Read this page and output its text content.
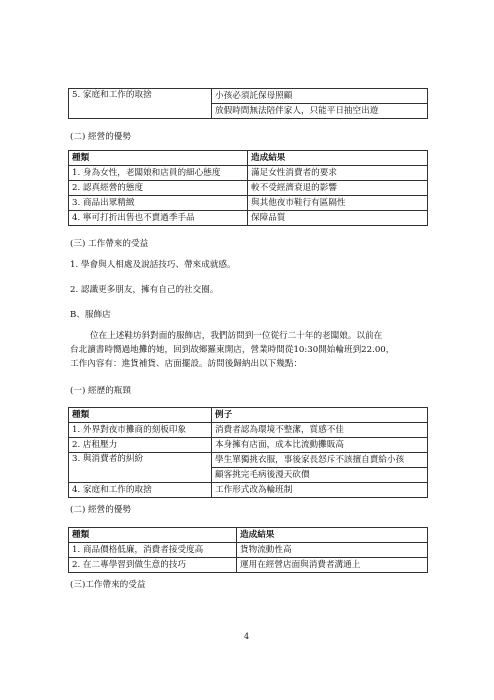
5. 家庭和工作的取捨	小孩必須託保母照顧
放假時間無法陪伴家人，只能平日抽空出遊
(二) 經營的優勢
種類	造成結果
1. 身為女性，老闆娘和店員的細心態度	滿足女性消費者的要求
2. 認真經營的態度	較不受經濟衰退的影響
3. 商品出眾精緻	與其他夜市鞋行有區隔性
4. 寧可打折出售也不賣過季手品	保障品質
(三) 工作帶來的受益
1. 學會與人相處及說話技巧、帶來成就感。
2. 認識更多朋友，擁有自己的社交圈。
B、服飾店
位在上述鞋坊斜對面的服飾店，我們訪問到一位從行二十年的老闆娘。以前在
台北讀書時嚮過地攤的她，回到故鄉羅東開店，營業時間從10:30開始輪班到22.00，
工作內容有：進貨補貨、店面擺設。訪問後歸納出以下幾點：
(一) 經歷的瓶頸
種類	例子
1. 外界對夜市攤商的刻板印象	消費者認為環境不整潔，質感不佳
2. 店租壓力	本身擁有店面，成本比流動攤販高
3. 與消費者的糾紛	學生單獨挑衣服，事後家長怒斥不該擅自賣給小孩
	顧客挑完毛病後漫天砍價
4. 家庭和工作的取捨	工作形式改為輪班制
(二) 經營的優勢
種類	造成結果
1. 商品價格低廉，消費者接受度高	貨物流動性高
2. 在二專學習到做生意的技巧	運用在經營店面與消費者溝通上
(三)工作帶來的受益
4
